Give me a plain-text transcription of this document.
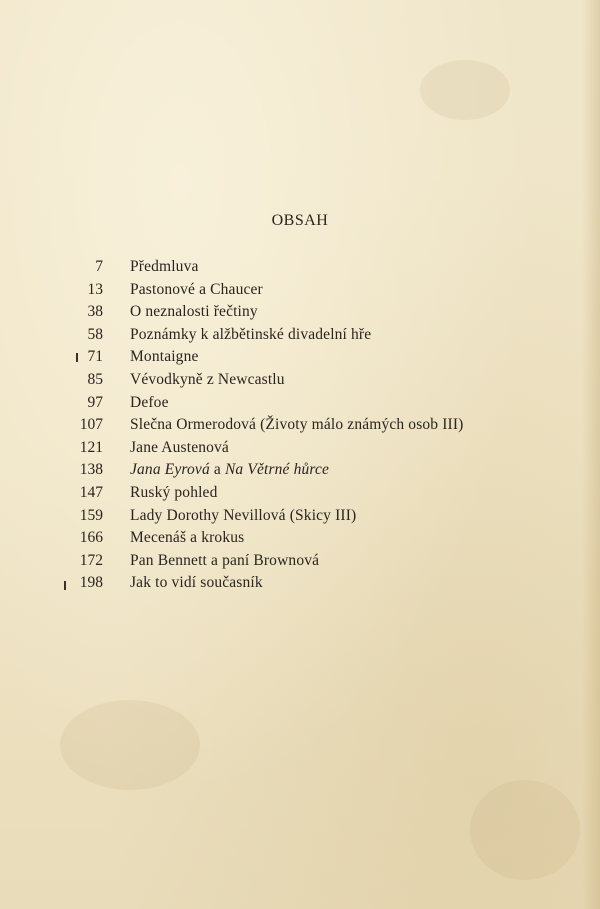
OBSAH
7 Předmluva
13 Pastonové a Chaucer
38 O neznalosti řečtiny
58 Poznámky k alžbětinské divadelní hře
71 Montaigne
85 Vévodkyně z Newcastlu
97 Defoe
107 Slečna Ormerodová (Životy málo známých osob III)
121 Jane Austenová
138 Jana Eyrová a Na Větrné hůrce
147 Ruský pohled
159 Lady Dorothy Nevillová (Skicy III)
166 Mecenáš a krokus
172 Pan Bennett a paní Brownová
198 Jak to vidí současník
